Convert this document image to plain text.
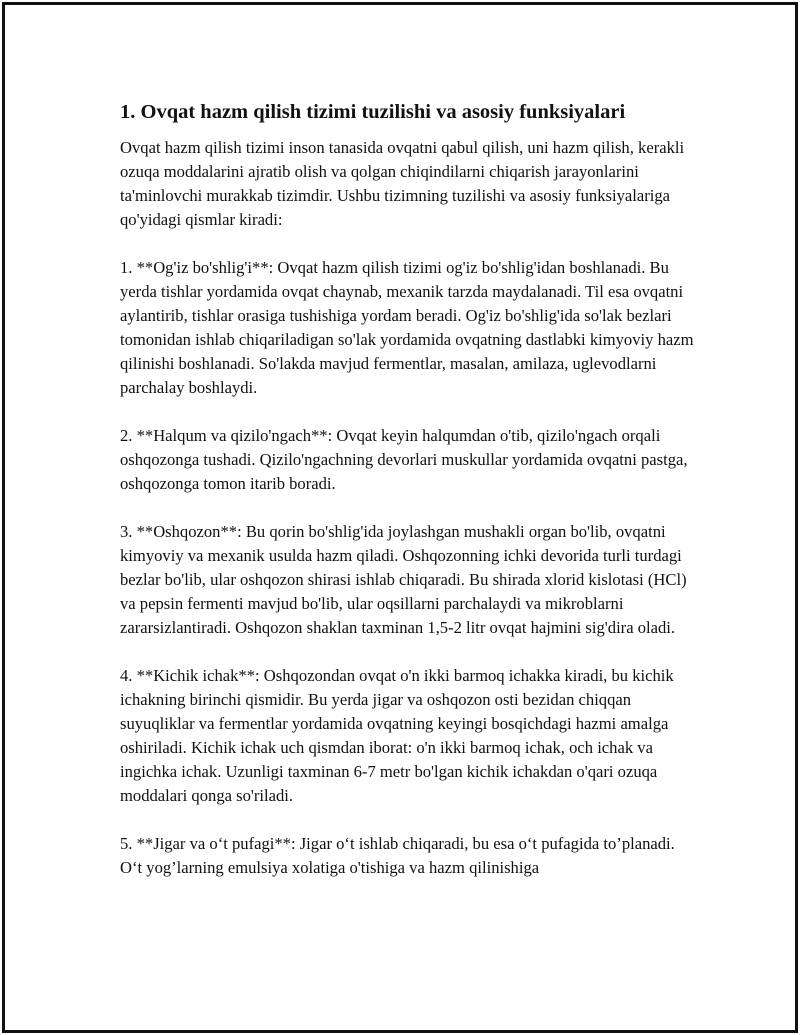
1. Ovqat hazm qilish tizimi tuzilishi va asosiy funksiyalari

Ovqat hazm qilish tizimi inson tanasida ovqatni qabul qilish, uni hazm qilish, kerakli ozuqa moddalarini ajratib olish va qolgan chiqindilarni chiqarish jarayonlarini ta'minlovchi murakkab tizimdir. Ushbu tizimning tuzilishi va asosiy funksiyalariga qo'yidagi qismlar kiradi:

1. **Og'iz bo'shlig'i**: Ovqat hazm qilish tizimi og'iz bo'shlig'idan boshlanadi. Bu yerda tishlar yordamida ovqat chaynab, mexanik tarzda maydalanadi. Til esa ovqatni aylantirib, tishlar orasiga tushishiga yordam beradi. Og'iz bo'shlig'ida so'lak bezlari tomonidan ishlab chiqariladigan so'lak yordamida ovqatning dastlabki kimyoviy hazm qilinishi boshlanadi. So'lakda mavjud fermentlar, masalan, amilaza, uglevodlarni parchalay boshlaydi.

2. **Halqum va qizilo'ngach**: Ovqat keyin halqumdan o'tib, qizilo'ngach orqali oshqozonga tushadi. Qizilo'ngachning devorlari muskullar yordamida ovqatni pastga, oshqozonga tomon itarib boradi.

3. **Oshqozon**: Bu qorin bo'shlig'ida joylashgan mushakli organ bo'lib, ovqatni kimyoviy va mexanik usulda hazm qiladi. Oshqozonning ichki devorida turli turdagi bezlar bo'lib, ular oshqozon shirasi ishlab chiqaradi. Bu shirada xlorid kislotasi (HCl) va pepsin fermenti mavjud bo'lib, ular oqsillarni parchalaydi va mikroblarni zararsizlantiradi. Oshqozon shaklan taxminan 1,5-2 litr ovqat hajmini sig'dira oladi.

4. **Kichik ichak**: Oshqozondan ovqat o'n ikki barmoq ichakka kiradi, bu kichik ichakning birinchi qismidir. Bu yerda jigar va oshqozon osti bezidan chiqqan suyuqliklar va fermentlar yordamida ovqatning keyingi bosqichdagi hazmi amalga oshiriladi. Kichik ichak uch qismdan iborat: o'n ikki barmoq ichak, och ichak va ingichka ichak. Uzunligi taxminan 6-7 metr bo'lgan kichik ichakdan o'qari ozuqa moddalari qonga so'riladi.

5. **Jigar va o‘t pufagi**: Jigar o‘t ishlab chiqaradi, bu esa o‘t pufagida to’planadi. O‘t yog’larning emulsiya xolatiga o'tishiga va hazm qilinishiga
